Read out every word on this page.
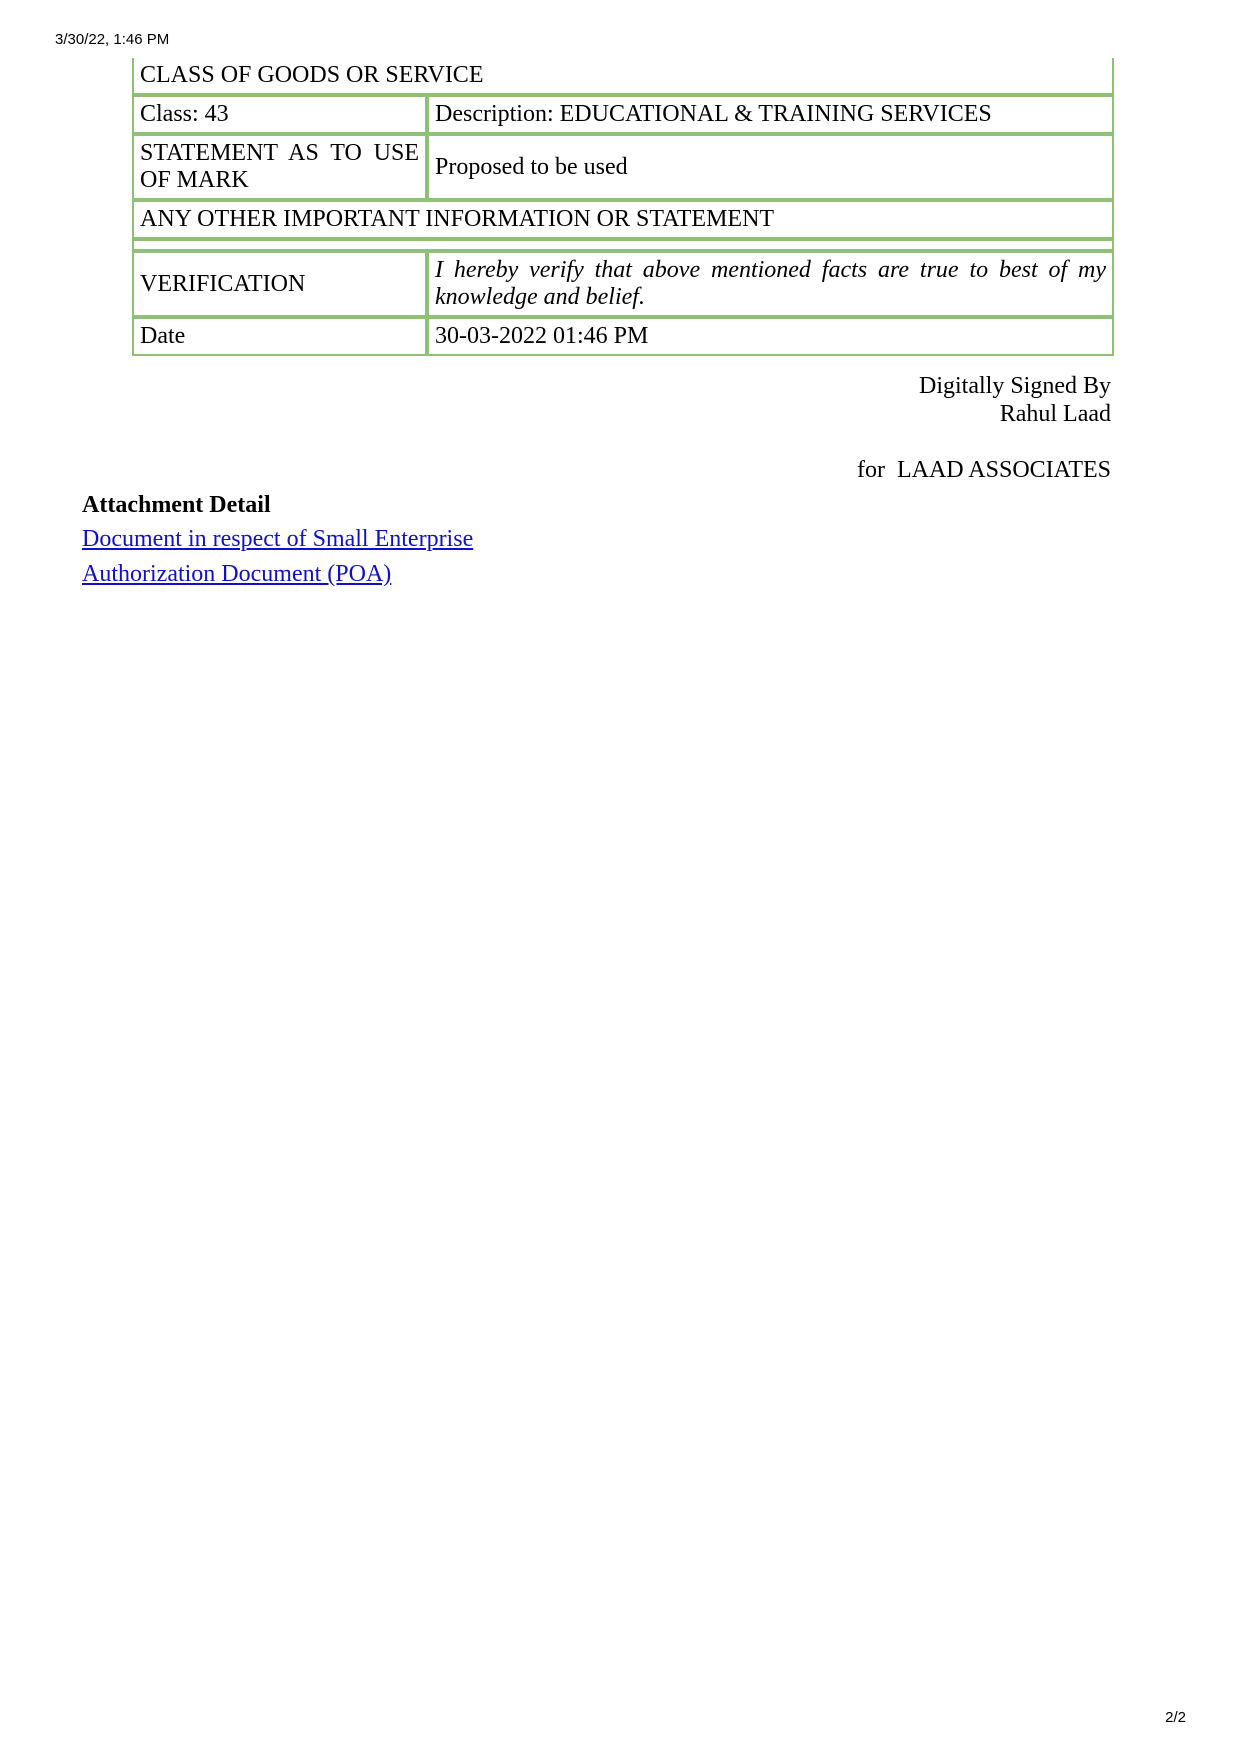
3/30/22, 1:46 PM
CLASS OF GOODS OR SERVICE	
Class: 43	Description: EDUCATIONAL & TRAINING SERVICES
STATEMENT AS TO USE OF MARK	Proposed to be used
ANY OTHER IMPORTANT INFORMATION OR STATEMENT	

VERIFICATION	I hereby verify that above mentioned facts are true to best of my knowledge and belief.
Date	30-03-2022 01:46 PM
Digitally Signed By
Rahul Laad
for  LAAD ASSOCIATES
Attachment Detail
Document in respect of Small Enterprise
Authorization Document (POA)
2/2
